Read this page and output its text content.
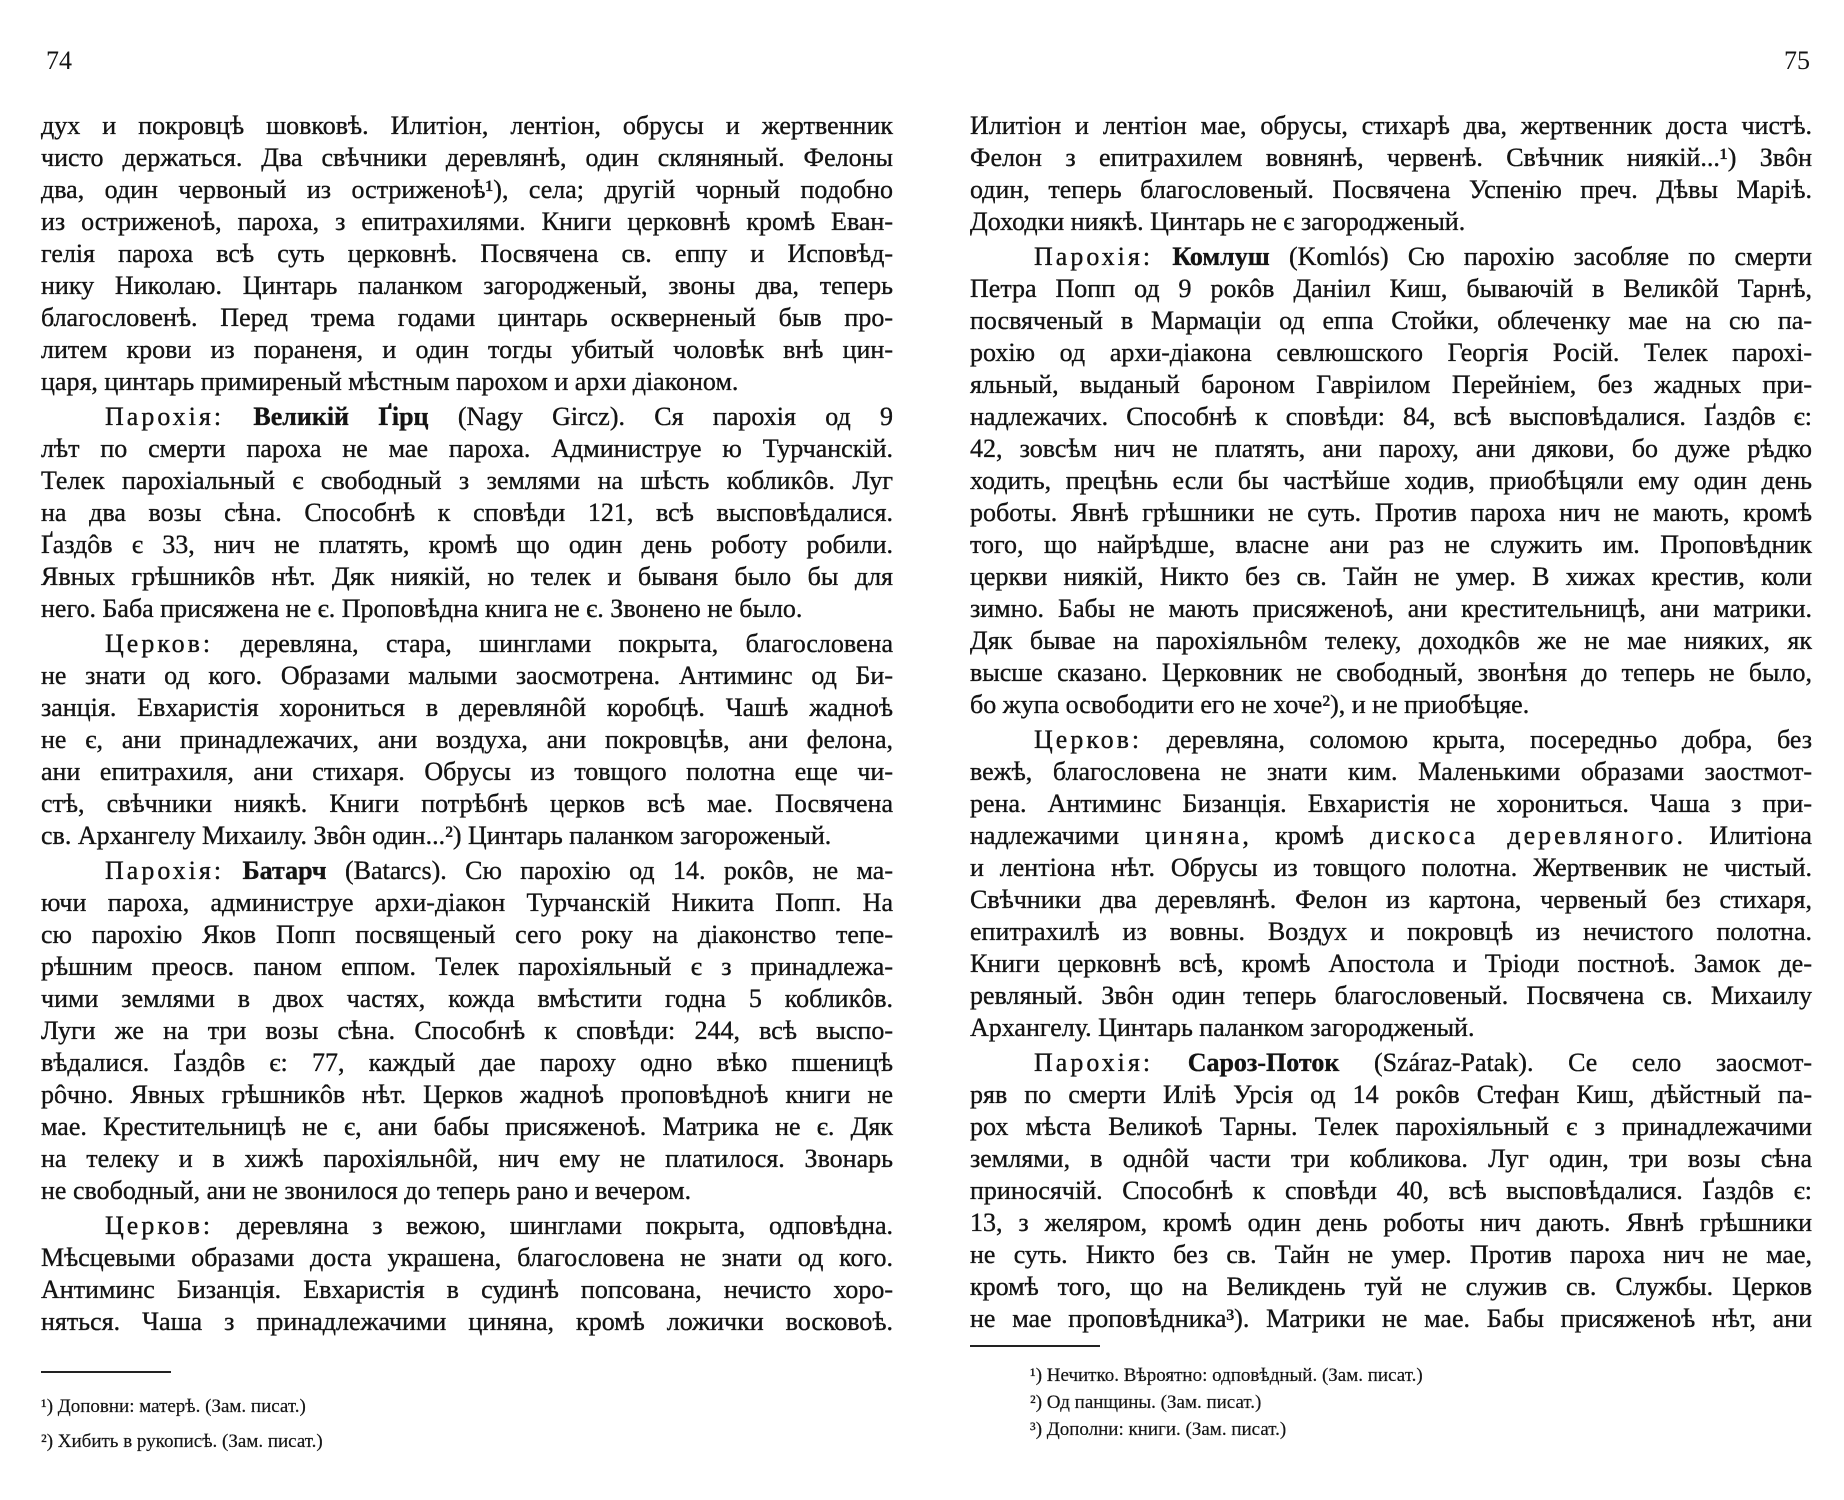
74	75
дух и покровцѣ шовковѣ. Илитіон, лентіон, обрусы и жертвенник
чисто держаться. Два свѣчники деревлянѣ, один скляняный. Фелоны
два, один червоный из остриженоѣ¹), села; другій чорный подобно
из остриженоѣ, пароха, з епитрахилями. Книги церковнѣ кромѣ Еван-
гелія пароха всѣ суть церковнѣ. Посвячена св. еппу и Исповѣд-
нику Николаю. Цинтарь паланком загородженый, звоны два, теперь
благословенѣ. Перед трема годами цинтарь оскверненый быв про-
литем крови из пораненя, и один тогды убитый чоловѣк внѣ цин-
царя, цинтарь примиреный мѣстным парохом и архи діаконом.
Парохія: Великій Ґірц (Nagy Gircz). Ся парохія од 9
лѣт по смерти пароха не мае пароха. Администруе ю Турчанскій.
Телек парохіальный є свободный з землями на шѣсть кобликôв. Луг
на два возы сѣна. Способнѣ к сповѣди 121, всѣ высповѣдалися.
Ґаздôв є 33, нич не платять, кромѣ що один день роботу робили.
Явных грѣшникôв нѣт. Дяк ниякій, но телек и бываня было бы для
него. Баба присяжена не є. Проповѣдна книга не є. Звонено не было.
Церков: деревляна, стара, шинглами покрыта, благословена
не знати од кого. Образами малыми заосмотрена. Антиминс од Би-
занція. Евхаристія хорониться в деревлянôй коробцѣ. Чашѣ жадноѣ
не є, ани принадлежачих, ани воздуха, ани покровцѣв, ани фелона,
ани епитрахиля, ани стихаря. Обрусы из товщого полотна еще чи-
стѣ, свѣчники ниякѣ. Книги потрѣбнѣ церков всѣ мае. Посвячена
св. Архангелу Михаилу. Звôн один...²) Цинтарь паланком загороженый.
Парохія: Батарч (Batarcs). Сю парохію од 14. рокôв, не ма-
ючи пароха, администруе архи-діакон Турчанскій Никита Попп. На
сю парохію Яков Попп посвященый сего року на діаконство тепе-
рѣшним преосв. паном еппом. Телек парохіяльный є з принадлежа-
чими землями в двох частях, кожда вмѣстити годна 5 кобликôв.
Луги же на три возы сѣна. Способнѣ к сповѣди: 244, всѣ выспо-
вѣдалися. Ґаздôв є: 77, каждый дае пароху одно вѣко пшеницѣ
рôчно. Явных грѣшникôв нѣт. Церков жадноѣ проповѣдноѣ книги не
мае. Крестительницѣ не є, ани бабы присяженоѣ. Матрика не є. Дяк
на телеку и в хижѣ парохіяльнôй, нич ему не платилося. Звонарь
не свободный, ани не звонилося до теперь рано и вечером.
Церков: деревляна з вежою, шинглами покрыта, одповѣдна.
Мѣсцевыми образами доста украшена, благословена не знати од кого.
Антиминс Бизанція. Евхаристія в судинѣ попсована, нечисто хоро-
няться. Чаша з принадлежачими циняна, кромѣ ложички восковоѣ.
Илитіон и лентіон мае, обрусы, стихарѣ два, жертвенник доста чистѣ.
Фелон з епитрахилем вовнянѣ, червенѣ. Свѣчник ниякій...¹) Звôн
один, теперь благословеный. Посвячена Успенію преч. Дѣвы Маріѣ.
Доходки ниякѣ. Цинтарь не є загородженый.
Парохія: Комлуш (Komlós) Сю парохію засобляе по смерти
Петра Попп од 9 рокôв Даніил Киш, бываючій в Великôй Тарнѣ,
посвяченый в Мармаціи од еппа Стойки, облеченку мае на сю па-
рохію од архи-діакона севлюшского Георгія Росій. Телек парохі-
яльный, выданый бароном Гавріилом Перейніем, без жадных при-
надлежачих. Способнѣ к сповѣди: 84, всѣ высповѣдалися. Ґаздôв є:
42, зовсѣм нич не платять, ани пароху, ани дякови, бо дуже рѣдко
ходить, прецѣнь если бы частѣйше ходив, приобѣцяли ему один день
роботы. Явнѣ грѣшники не суть. Против пароха нич не мають, кромѣ
того, що найрѣдше, власне ани раз не служить им. Проповѣдник
церкви ниякій, Никто без св. Тайн не умер. В хижах крестив, коли
зимно. Бабы не мають присяженоѣ, ани крестительницѣ, ани матрики.
Дяк бывае на парохіяльнôм телеку, доходкôв же не мае нияких, як
высше сказано. Церковник не свободный, звонѣня до теперь не было,
бо жупа освободити его не хоче²), и не приобѣцяе.
Церков: деревляна, соломою крыта, посередньо добра, без
вежѣ, благословена не знати ким. Маленькими образами заостмот-
рена. Антиминс Бизанція. Евхаристія не хорониться. Чаша з при-
надлежачими циняна, кромѣ дискоса деревляного. Илитіона
и лентіона нѣт. Обрусы из товщого полотна. Жертвенвик не чистый.
Свѣчники два деревлянѣ. Фелон из картона, червеный без стихаря,
епитрахилѣ из вовны. Воздух и покровцѣ из нечистого полотна.
Книги церковнѣ всѣ, кромѣ Апостола и Тріоди постноѣ. Замок де-
ревляный. Звôн один теперь благословеный. Посвячена св. Михаилу
Архангелу. Цинтарь паланком загородженый.
Парохія: Сароз-Поток (Száraz-Patak). Се село заосмот-
ряв по смерти Иліѣ Урсія од 14 рокôв Стефан Киш, дѣйстный па-
рох мѣста Великоѣ Тарны. Телек парохіяльный є з принадлежачими
землями, в однôй части три кобликова. Луг один, три возы сѣна
приносячій. Способнѣ к сповѣди 40, всѣ высповѣдалися. Ґаздôв є:
13, з желяром, кромѣ один день роботы нич дають. Явнѣ грѣшники
не суть. Никто без св. Тайн не умер. Против пароха нич не мае,
кромѣ того, що на Великдень туй не служив св. Службы. Церков
не мае проповѣдника³). Матрики не мае. Бабы присяженоѣ нѣт, ани
¹) Доповни: матерѣ. (Зам. писат.)
²) Хибить в рукописѣ. (Зам. писат.)
¹) Нечитко. Вѣроятно: одповѣдный. (Зам. писат.)
²) Од панщины. (Зам. писат.)
³) Дополни: книги. (Зам. писат.)
